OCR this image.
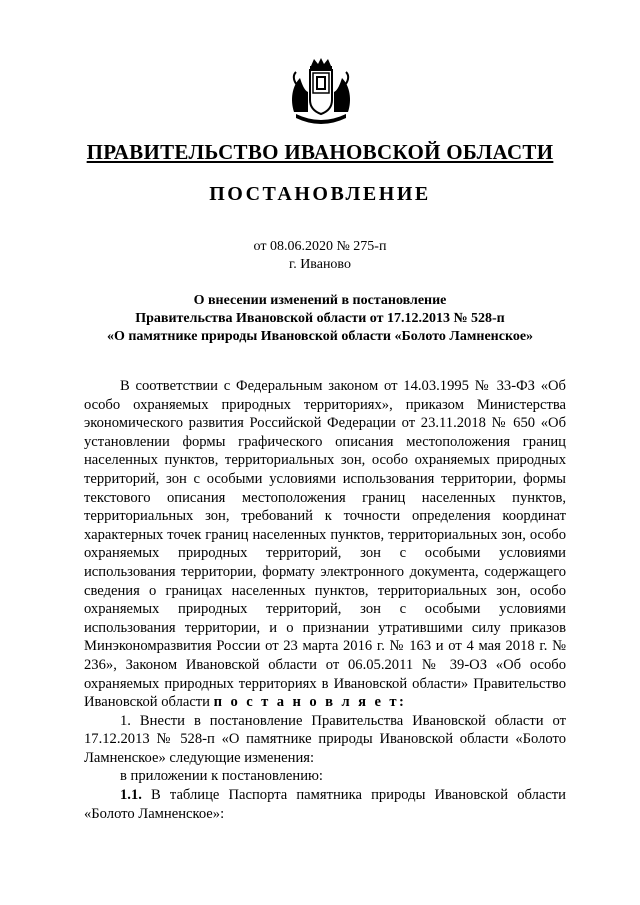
ПРАВИТЕЛЬСТВО ИВАНОВСКОЙ ОБЛАСТИ
ПОСТАНОВЛЕНИЕ
от 08.06.2020 № 275-п
г. Иваново
О внесении изменений в постановление
Правительства Ивановской области от 17.12.2013 № 528-п
«О памятнике природы Ивановской области «Болото Ламненское»

В соответствии с Федеральным законом от 14.03.1995 № 33-ФЗ «Об особо охраняемых природных территориях», приказом Министерства экономического развития Российской Федерации от 23.11.2018 № 650 «Об установлении формы графического описания местоположения границ населенных пунктов, территориальных зон, особо охраняемых природных территорий, зон с особыми условиями использования территории, формы текстового описания местоположения границ населенных пунктов, территориальных зон, требований к точности определения координат характерных точек границ населенных пунктов, территориальных зон, особо охраняемых природных территорий, зон с особыми условиями использования территории, формату электронного документа, содержащего сведения о границах населенных пунктов, территориальных зон, особо охраняемых природных территорий, зон с особыми условиями использования территории, и о признании утратившими силу приказов Минэкономразвития России от 23 марта 2016 г. № 163 и от 4 мая 2018 г. № 236», Законом Ивановской области от 06.05.2011 № 39-ОЗ «Об особо охраняемых природных территориях в Ивановской области» Правительство Ивановской области п о с т а н о в л я е т:

1. Внести в постановление Правительства Ивановской области от 17.12.2013 № 528-п «О памятнике природы Ивановской области «Болото Ламненское» следующие изменения:

в приложении к постановлению:

1.1. В таблице Паспорта памятника природы Ивановской области «Болото Ламненское»:
